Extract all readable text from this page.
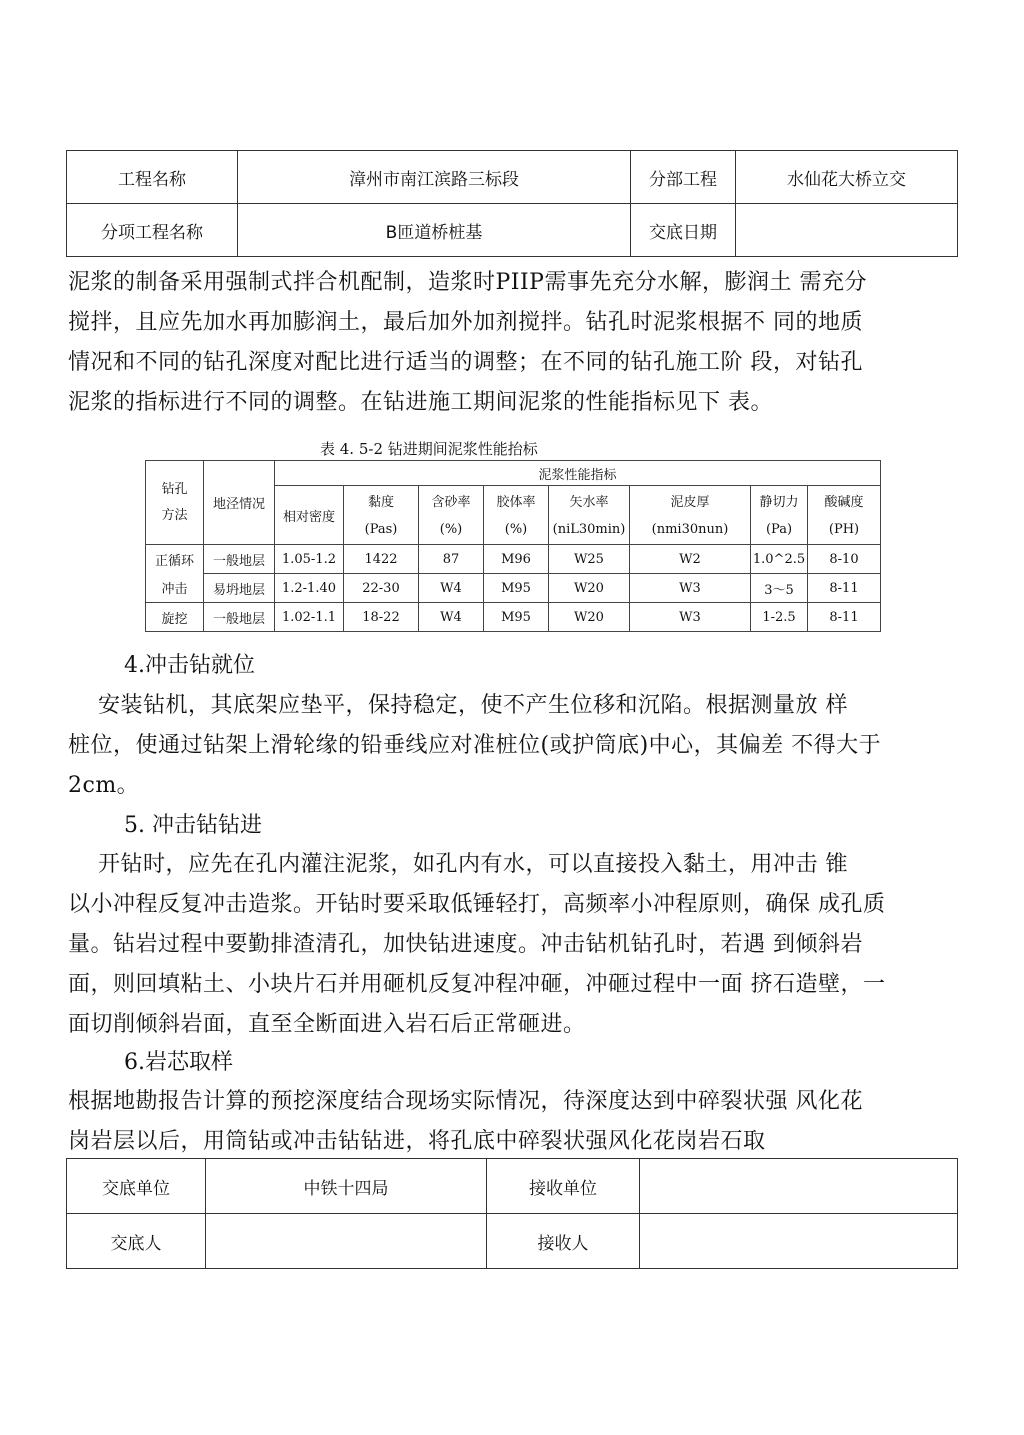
工程名称	漳州市南江滨路三标段	分部工程	水仙花大桥立交
分项工程名称	B匝道桥桩基	交底日期	

泥浆的制备采用强制式拌合机配制，造浆时PIIP需事先充分水解，膨润土 需充分
搅拌，且应先加水再加膨润土，最后加外加剂搅拌。钻孔时泥浆根据不 同的地质
情况和不同的钻孔深度对配比进行适当的调整；在不同的钻孔施工阶 段，对钻孔
泥浆的指标进行不同的调整。在钻进施工期间泥浆的性能指标见下 表。

表 4. 5-2 钻进期间泥浆性能抬标
钻孔
方法	地泾情况	泥浆性能指标							
		相对密度	黏度	含砂率	胶体率	矢水率	泥皮厚	静切力	酸碱度
			(Pas)	(%)	(%)	(niL30min)	(nmi30nun)	(Pa)	(PH)
正循环	一般地层	1.05-1.2	1422	87	M96	W25	W2	1.0^2.5	8-10
冲击	易坍地层	1.2-1.40	22-30	W4	M95	W20	W3	3～5	8-11
旋挖	一般地层	1.02-1.1	18-22	W4	M95	W20	W3	1-2.5	8-11

4.冲击钻就位

安装钻机，其底架应垫平，保持稳定，使不产生位移和沉陷。根据测量放 样
桩位，使通过钻架上滑轮缘的铅垂线应对准桩位(或护筒底)中心，其偏差 不得大于
2cm。

5. 冲击钻钻进

开钻时，应先在孔内灌注泥浆，如孔内有水，可以直接投入黏土，用冲击 锥
以小冲程反复冲击造浆。开钻时要采取低锤轻打，高频率小冲程原则，确保 成孔质
量。钻岩过程中要勤排渣清孔，加快钻进速度。冲击钻机钻孔时，若遇 到倾斜岩
面，则回填粘土、小块片石并用砸机反复冲程冲砸，冲砸过程中一面 挤石造壁，一
面切削倾斜岩面，直至全断面进入岩石后正常砸进。

6.岩芯取样

根据地勘报告计算的预挖深度结合现场实际情况，待深度达到中碎裂状强 风化花
岗岩层以后，用筒钻或冲击钻钻进，将孔底中碎裂状强风化花岗岩石取

交底单位	中铁十四局	接收单位	
交底人		接收人	
